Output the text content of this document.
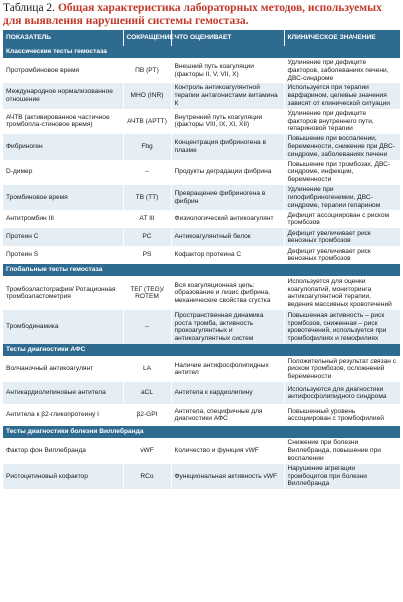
Таблица 2. Общая характеристика лабораторных методов, используемых для выявления нарушений системы гемостаза.
ПОКАЗАТЕЛЬ	СОКРАЩЕНИЕ	ЧТО ОЦЕНИВАЕТ	КЛИНИЧЕСКОЕ ЗНАЧЕНИЕ
Классические тесты гемостаза			
Протромбиновое время	ПВ (PT)	Внешний путь коагуляции (факторы II, V, VII, X)	Удлинение при дефиците факторов, заболеваниях печени, ДВС-синдроме
Международное нормализованное отношение	МНО (INR)	Контроль антикоагулянтной терапии антагонистами витамина К	Используется при терапии варфарином, целевые значения зависят от клинической ситуации
АЧТВ (активированное частичное тромбопла-стиновое время)	АЧТВ (APTT)	Внутренний путь коагуляции (факторы VIII, IX, XI, XII)	Удлинение при дефиците факторов внутреннего пути, гепариновой терапии
Фибриноген	Fbg	Концентрация фибриногена в плазме	Повышение при воспалении, беременности, снижение при ДВС-синдроме, заболеваниях печени
D-димер	–	Продукты деградации фибрина	Повышение при тромбозах, ДВС-синдроме, инфекции, беременности
Тромбиновое время	ТВ (TT)	Превращение фибриногена в фибрин	Удлинение при гипофибриногенемии, ДВС-синдроме, терапии гепарином
Антитромбин III	AT III	Физиологический антикоагулянт	Дефицит ассоциирован с риском тромбозов
Протеин С	PC	Антикоагулянтный белок	Дефицит увеличивает риск венозных тромбозов
Протеин S	PS	Кофактор протеина С	Дефицит увеличивает риск венозных тромбозов
Глобальные тесты гемостаза			
Тромбоэластография/ Ротационная тромбоэластометрия	ТЕГ (TEG)/ ROTEM	Вся коагуляционная цепь: образование и лизис фибрина, механические свойства сгустка	Используется для оценки коагулопатий, мониторинга антикоагулянтной терапии, ведения массивных кровотечений
Тромбодинамика	–	Пространственная динамика роста тромба, активность прокоагулянтных и антикоагулянтных систем	Повышенная активность – риск тромбозов, сниженная – риск кровотечений, используется при тромбофилиях и гемофилиях
Тесты диагностики АФС			
Волчаночный антикоагулянт	LA	Наличие антифосфолипидных антител	Положительный результат связан с риском тромбозов, осложнений беременности
Антикардиолипиновые антитела	aCL	Антитела к кардиолипину	Используются для диагностики антифосфолипидного синдрома
Антитела к β2-гликопротеину I	β2-GPI	Антитела, специфичные для диагностики АФС	Повышенный уровень ассоциирован с тромбофилией
Тесты диагностики болезни Виллебранда			
Фактор фон Виллебранда	vWF	Количество и функция vWF	Снижение при болезни Виллебранда, повышение при воспалении
Ристоцетиновый кофактор	RCo	Функциональная активность vWF	Нарушение агрегации тромбоцитов при болезни Виллебранда
